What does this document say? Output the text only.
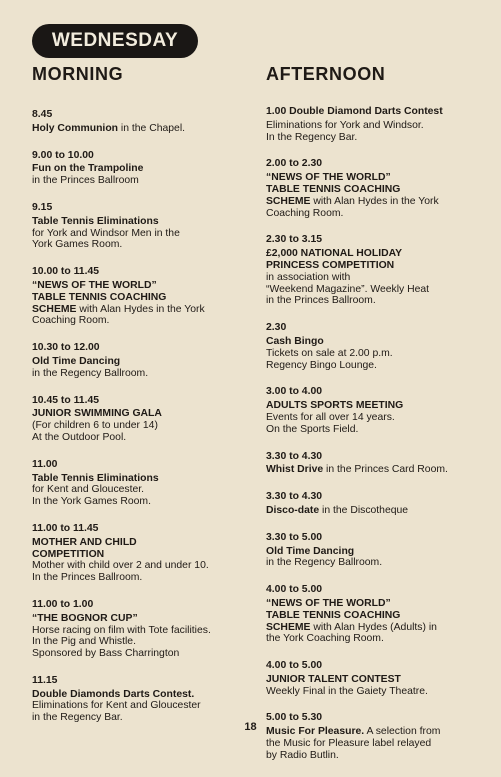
WEDNESDAY
MORNING	AFTERNOON
8.45
Holy Communion in the Chapel.
9.00 to 10.00
Fun on the Trampoline
in the Princes Ballroom
9.15
Table Tennis Eliminations
for York and Windsor Men in the
York Games Room.
10.00 to 11.45
“NEWS OF THE WORLD”
TABLE TENNIS COACHING
SCHEME with Alan Hydes in the York
Coaching Room.
10.30 to 12.00
Old Time Dancing
in the Regency Ballroom.
10.45 to 11.45
JUNIOR SWIMMING GALA
(For children 6 to under 14)
At the Outdoor Pool.
11.00
Table Tennis Eliminations
for Kent and Gloucester.
In the York Games Room.
11.00 to 11.45
MOTHER AND CHILD
COMPETITION
Mother with child over 2 and under 10.
In the Princes Ballroom.
11.00 to 1.00
“THE BOGNOR CUP”
Horse racing on film with Tote facilities.
In the Pig and Whistle.
Sponsored by Bass Charrington
11.15
Double Diamonds Darts Contest.
Eliminations for Kent and Gloucester
in the Regency Bar.
1.00 Double Diamond Darts Contest
Eliminations for York and Windsor.
In the Regency Bar.
2.00 to 2.30
“NEWS OF THE WORLD”
TABLE TENNIS COACHING
SCHEME with Alan Hydes in the York
Coaching Room.
2.30 to 3.15
£2,000 NATIONAL HOLIDAY
PRINCESS COMPETITION
in association with
“Weekend Magazine”. Weekly Heat
in the Princes Ballroom.
2.30
Cash Bingo
Tickets on sale at 2.00 p.m.
Regency Bingo Lounge.
3.00 to 4.00
ADULTS SPORTS MEETING
Events for all over 14 years.
On the Sports Field.
3.30 to 4.30
Whist Drive in the Princes Card Room.
3.30 to 4.30
Disco-date in the Discotheque
3.30 to 5.00
Old Time Dancing
in the Regency Ballroom.
4.00 to 5.00
“NEWS OF THE WORLD”
TABLE TENNIS COACHING
SCHEME with Alan Hydes (Adults) in
the York Coaching Room.
4.00 to 5.00
JUNIOR TALENT CONTEST
Weekly Final in the Gaiety Theatre.
5.00 to 5.30
Music For Pleasure. A selection from
the Music for Pleasure label relayed
by Radio Butlin.
18
